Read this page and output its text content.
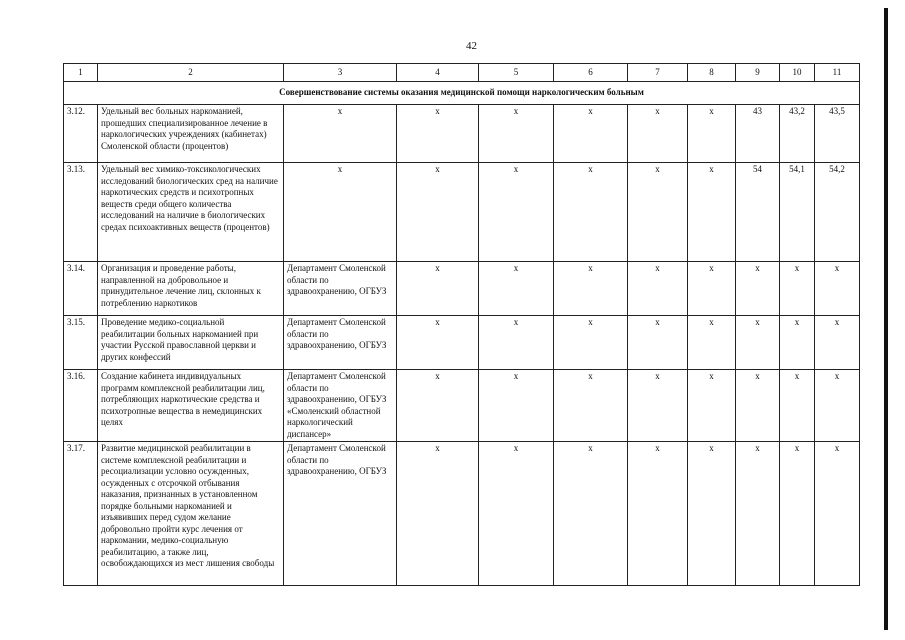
42
1	2	3	4	5	6	7	8	9	10	11
Совершенствование системы оказания медицинской помощи наркологическим больным										
3.12.	Удельный вес больных наркоманией, прошедших специализированное лечение в наркологических учреждениях (кабинетах) Смоленской области (процентов)	x	x	x	x	x	x	43	43,2	43,5
3.13.	Удельный вес химико-токсикологических исследований биологических сред на наличие наркотических средств и психотропных веществ среди общего количества исследований на наличие в биологических средах психоактивных веществ (процентов)	x	x	x	x	x	x	54	54,1	54,2
3.14.	Организация и проведение работы, направленной на добровольное и принудительное лечение лиц, склонных к потреблению наркотиков	Департамент Смоленской области по здравоохранению, ОГБУЗ	x	x	x	x	x	x	x	x
3.15.	Проведение медико-социальной реабилитации больных наркоманией при участии Русской православной церкви и других конфессий	Департамент Смоленской области по здравоохранению, ОГБУЗ	x	x	x	x	x	x	x	x
3.16.	Создание кабинета индивидуальных программ комплексной реабилитации лиц, потребляющих наркотические средства и психотропные вещества в немедицинских целях	Департамент Смоленской области по здравоохранению, ОГБУЗ «Смоленский областной наркологический диспансер»	x	x	x	x	x	x	x	x
3.17.	Развитие медицинской реабилитации в системе комплексной реабилитации и ресоциализации условно осужденных, осужденных с отсрочкой отбывания наказания, признанных в установленном порядке больными наркоманией и изъявивших перед судом желание добровольно пройти курс лечения от наркомании, медико-социальную реабилитацию, а также лиц, освобождающихся из мест лишения свободы	Департамент Смоленской области по здравоохранению, ОГБУЗ	x	x	x	x	x	x	x	x
